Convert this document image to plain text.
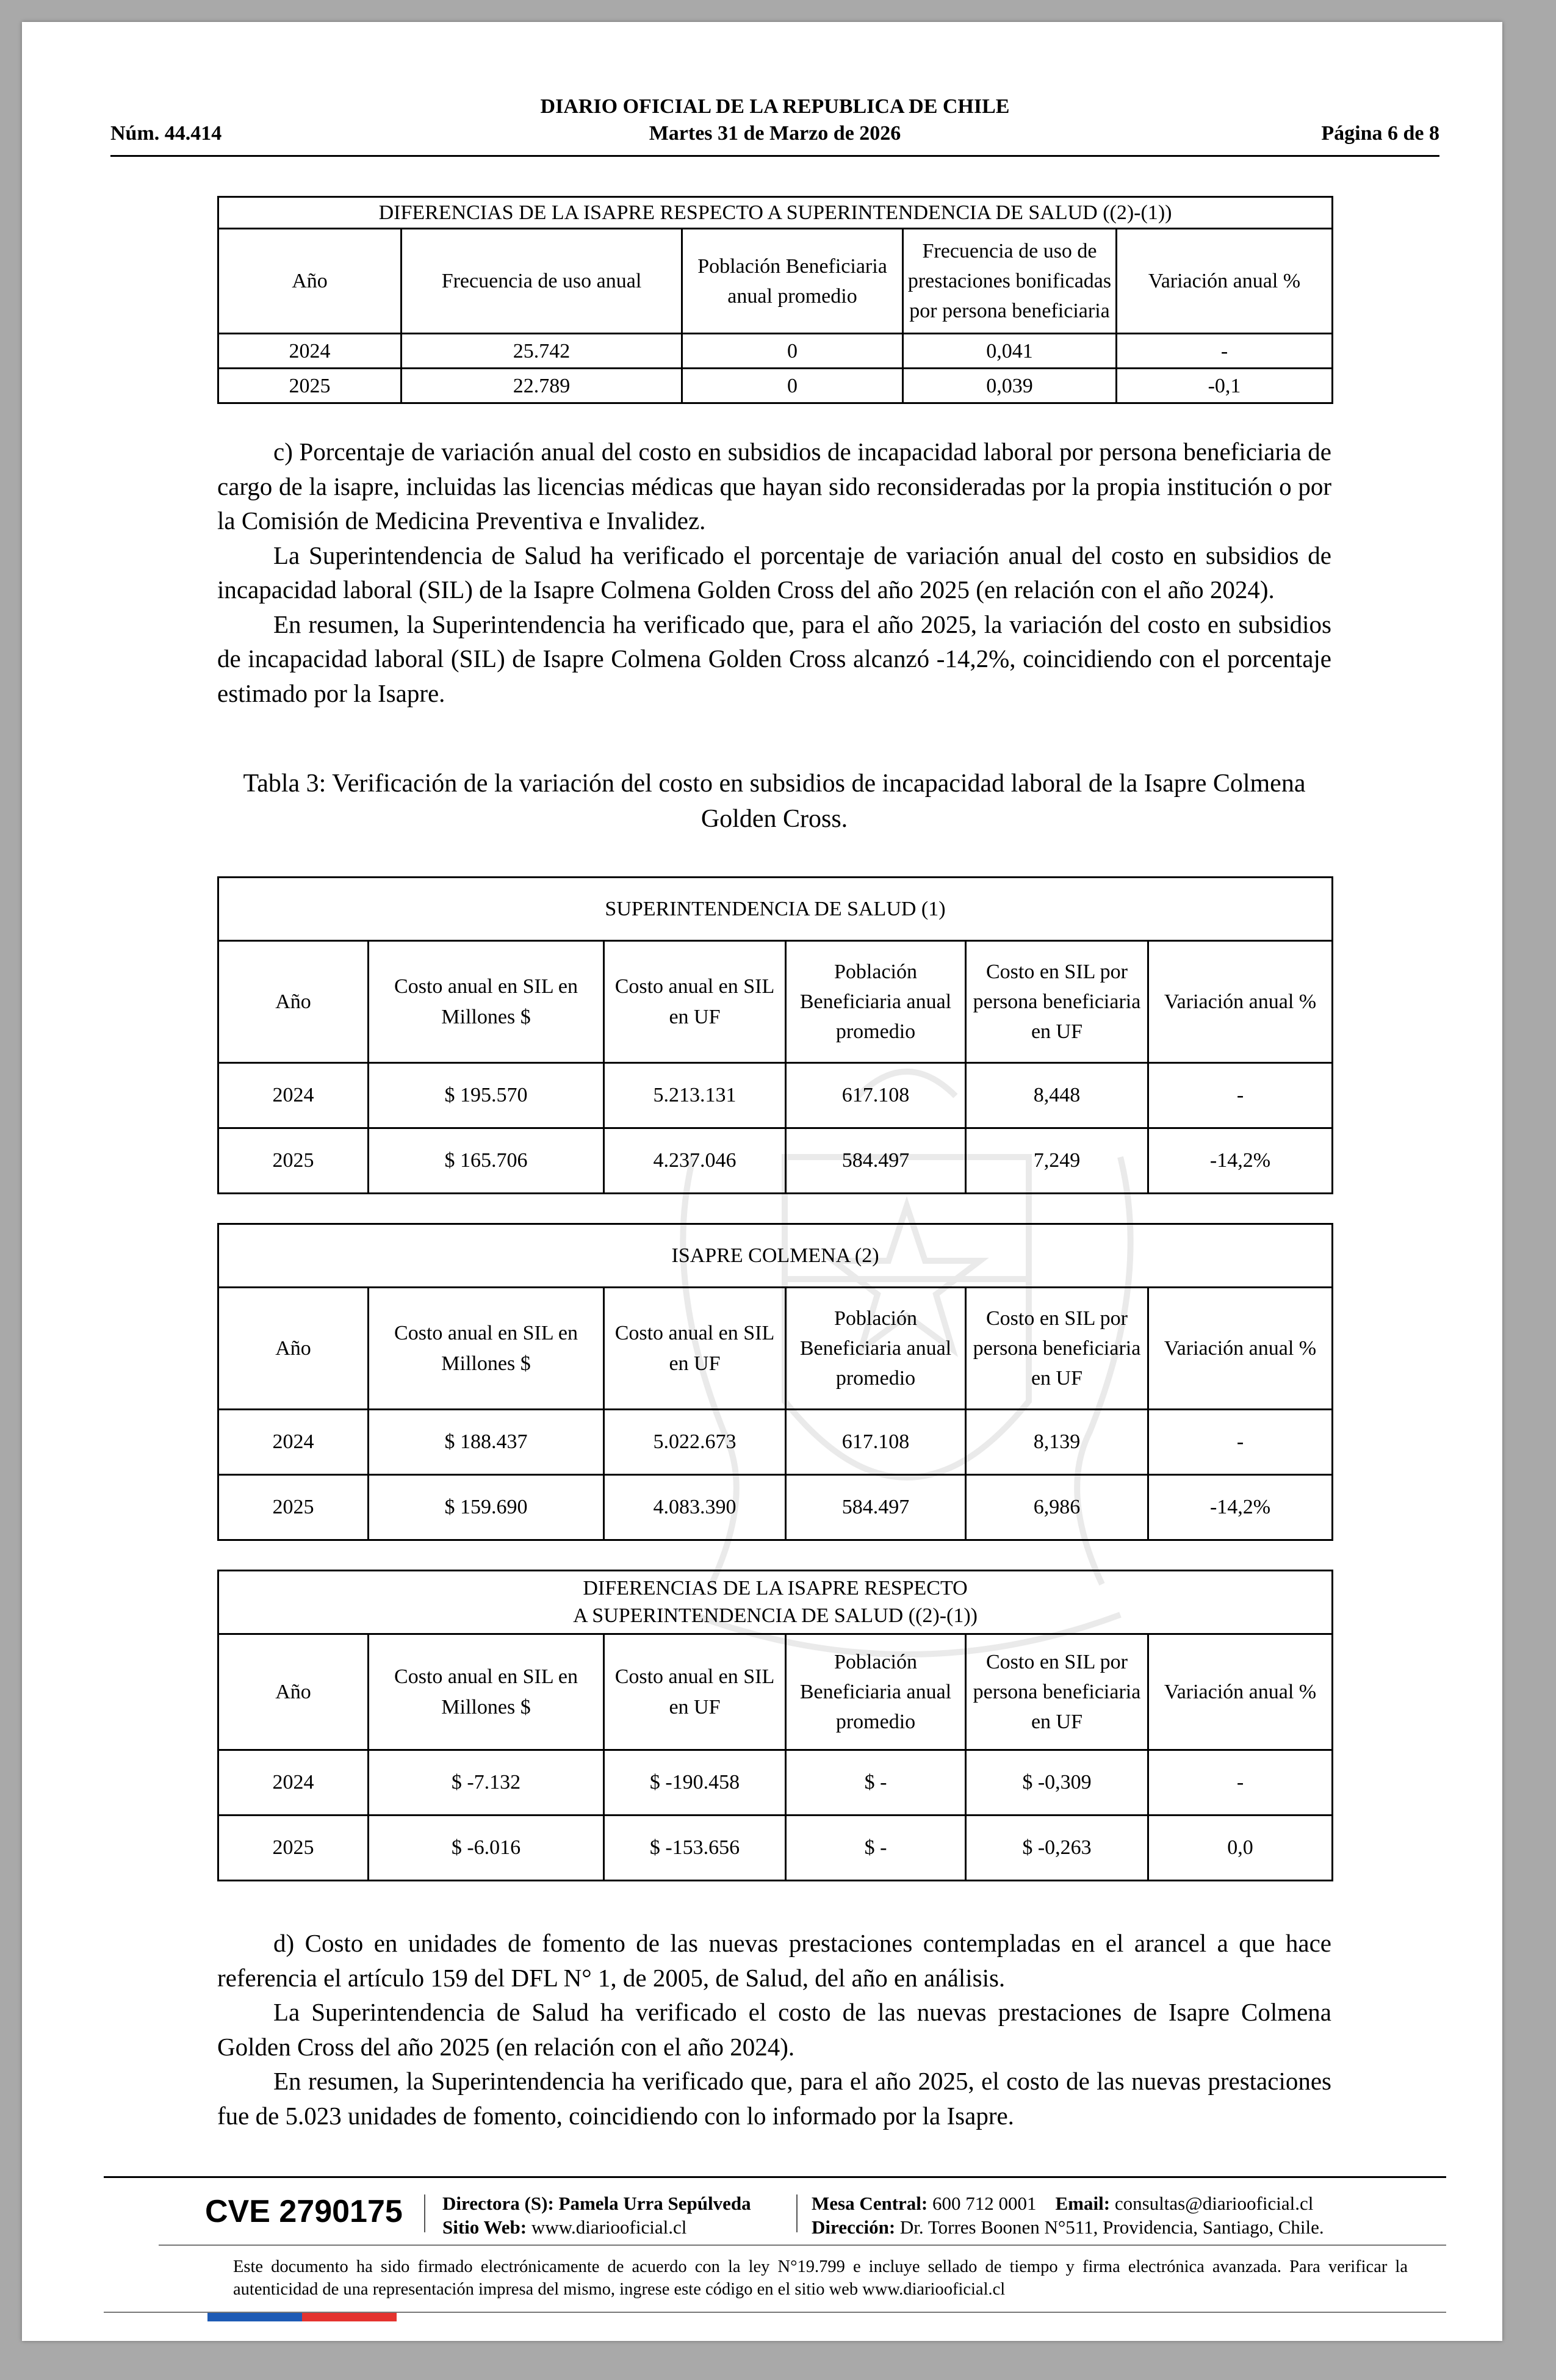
DIARIO OFICIAL DE LA REPUBLICA DE CHILE
Núm. 44.414	Martes 31 de Marzo de 2026	Página 6 de 8
DIFERENCIAS DE LA ISAPRE RESPECTO A SUPERINTENDENCIA DE SALUD ((2)-(1))				
Año	Frecuencia de uso anual	Población Beneficiaria anual promedio	Frecuencia de uso de prestaciones bonificadas por persona beneficiaria	Variación anual %
2024	25.742	0	0,041	-
2025	22.789	0	0,039	-0,1

c) Porcentaje de variación anual del costo en subsidios de incapacidad laboral por persona beneficiaria de cargo de la isapre, incluidas las licencias médicas que hayan sido reconsideradas por la propia institución o por la Comisión de Medicina Preventiva e Invalidez.

La Superintendencia de Salud ha verificado el porcentaje de variación anual del costo en subsidios de incapacidad laboral (SIL) de la Isapre Colmena Golden Cross del año 2025 (en relación con el año 2024).

En resumen, la Superintendencia ha verificado que, para el año 2025, la variación del costo en subsidios de incapacidad laboral (SIL) de Isapre Colmena Golden Cross alcanzó -14,2%, coincidiendo con el porcentaje estimado por la Isapre.

Tabla 3: Verificación de la variación del costo en subsidios de incapacidad laboral de la Isapre Colmena Golden Cross.
SUPERINTENDENCIA DE SALUD (1)					
Año	Costo anual en SIL en Millones $	Costo anual en SIL en UF	Población Beneficiaria anual promedio	Costo en SIL por persona beneficiaria en UF	Variación anual %
2024	$ 195.570	5.213.131	617.108	8,448	-
2025	$ 165.706	4.237.046	584.497	7,249	-14,2%
ISAPRE COLMENA (2)					
Año	Costo anual en SIL en Millones $	Costo anual en SIL en UF	Población Beneficiaria anual promedio	Costo en SIL por persona beneficiaria en UF	Variación anual %
2024	$ 188.437	5.022.673	617.108	8,139	-
2025	$ 159.690	4.083.390	584.497	6,986	-14,2%
DIFERENCIAS DE LA ISAPRE RESPECTO
A SUPERINTENDENCIA DE SALUD ((2)-(1))					
Año	Costo anual en SIL en Millones $	Costo anual en SIL en UF	Población Beneficiaria anual promedio	Costo en SIL por persona beneficiaria en UF	Variación anual %
2024	$ -7.132	$ -190.458	$ -	$ -0,309	-
2025	$ -6.016	$ -153.656	$ -	$ -0,263	0,0

d) Costo en unidades de fomento de las nuevas prestaciones contempladas en el arancel a que hace referencia el artículo 159 del DFL N° 1, de 2005, de Salud, del año en análisis.

La Superintendencia de Salud ha verificado el costo de las nuevas prestaciones de Isapre Colmena Golden Cross del año 2025 (en relación con el año 2024).

En resumen, la Superintendencia ha verificado que, para el año 2025, el costo de las nuevas prestaciones fue de 5.023 unidades de fomento, coincidiendo con lo informado por la Isapre.

CVE 2790175 Directora (S): Pamela Urra Sepúlveda
Sitio Web: www.diariooficial.cl
Mesa Central: 600 712 0001 Email: consultas@diariooficial.cl
Dirección: Dr. Torres Boonen N°511, Providencia, Santiago, Chile.
Este documento ha sido firmado electrónicamente de acuerdo con la ley N°19.799 e incluye sellado de tiempo y firma electrónica avanzada. Para verificar la autenticidad de una representación impresa del mismo, ingrese este código en el sitio web www.diariooficial.cl
